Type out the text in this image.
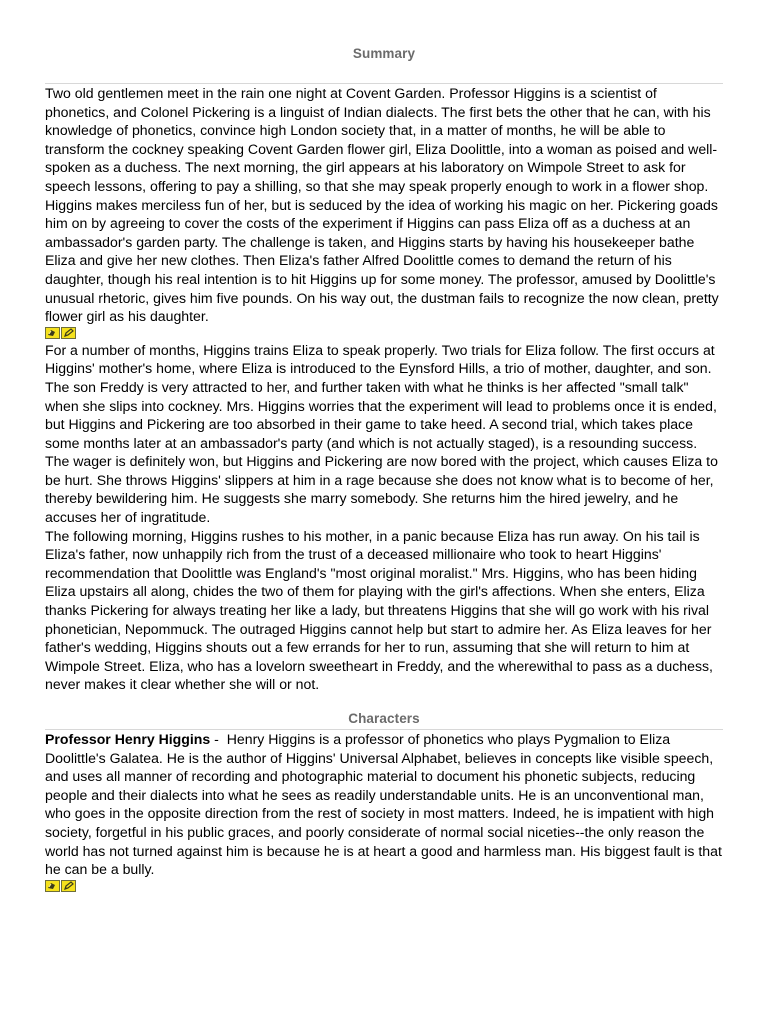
Summary

Two old gentlemen meet in the rain one night at Covent Garden. Professor Higgins is a scientist of phonetics, and Colonel Pickering is a linguist of Indian dialects. The first bets the other that he can, with his knowledge of phonetics, convince high London society that, in a matter of months, he will be able to transform the cockney speaking Covent Garden flower girl, Eliza Doolittle, into a woman as poised and well-spoken as a duchess. The next morning, the girl appears at his laboratory on Wimpole Street to ask for speech lessons, offering to pay a shilling, so that she may speak properly enough to work in a flower shop. Higgins makes merciless fun of her, but is seduced by the idea of working his magic on her. Pickering goads him on by agreeing to cover the costs of the experiment if Higgins can pass Eliza off as a duchess at an ambassador's garden party. The challenge is taken, and Higgins starts by having his housekeeper bathe Eliza and give her new clothes. Then Eliza's father Alfred Doolittle comes to demand the return of his daughter, though his real intention is to hit Higgins up for some money. The professor, amused by Doolittle's unusual rhetoric, gives him five pounds. On his way out, the dustman fails to recognize the now clean, pretty flower girl as his daughter.

For a number of months, Higgins trains Eliza to speak properly. Two trials for Eliza follow. The first occurs at Higgins' mother's home, where Eliza is introduced to the Eynsford Hills, a trio of mother, daughter, and son. The son Freddy is very attracted to her, and further taken with what he thinks is her affected "small talk" when she slips into cockney. Mrs. Higgins worries that the experiment will lead to problems once it is ended, but Higgins and Pickering are too absorbed in their game to take heed. A second trial, which takes place some months later at an ambassador's party (and which is not actually staged), is a resounding success. The wager is definitely won, but Higgins and Pickering are now bored with the project, which causes Eliza to be hurt. She throws Higgins' slippers at him in a rage because she does not know what is to become of her, thereby bewildering him. He suggests she marry somebody. She returns him the hired jewelry, and he accuses her of ingratitude.

The following morning, Higgins rushes to his mother, in a panic because Eliza has run away. On his tail is Eliza's father, now unhappily rich from the trust of a deceased millionaire who took to heart Higgins' recommendation that Doolittle was England's "most original moralist." Mrs. Higgins, who has been hiding Eliza upstairs all along, chides the two of them for playing with the girl's affections. When she enters, Eliza thanks Pickering for always treating her like a lady, but threatens Higgins that she will go work with his rival phonetician, Nepommuck. The outraged Higgins cannot help but start to admire her. As Eliza leaves for her father's wedding, Higgins shouts out a few errands for her to run, assuming that she will return to him at Wimpole Street. Eliza, who has a lovelorn sweetheart in Freddy, and the wherewithal to pass as a duchess, never makes it clear whether she will or not.

Characters

Professor Henry Higgins -  Henry Higgins is a professor of phonetics who plays Pygmalion to Eliza Doolittle's Galatea. He is the author of Higgins' Universal Alphabet, believes in concepts like visible speech, and uses all manner of recording and photographic material to document his phonetic subjects, reducing people and their dialects into what he sees as readily understandable units. He is an unconventional man, who goes in the opposite direction from the rest of society in most matters. Indeed, he is impatient with high society, forgetful in his public graces, and poorly considerate of normal social niceties--the only reason the world has not turned against him is because he is at heart a good and harmless man. His biggest fault is that he can be a bully.
